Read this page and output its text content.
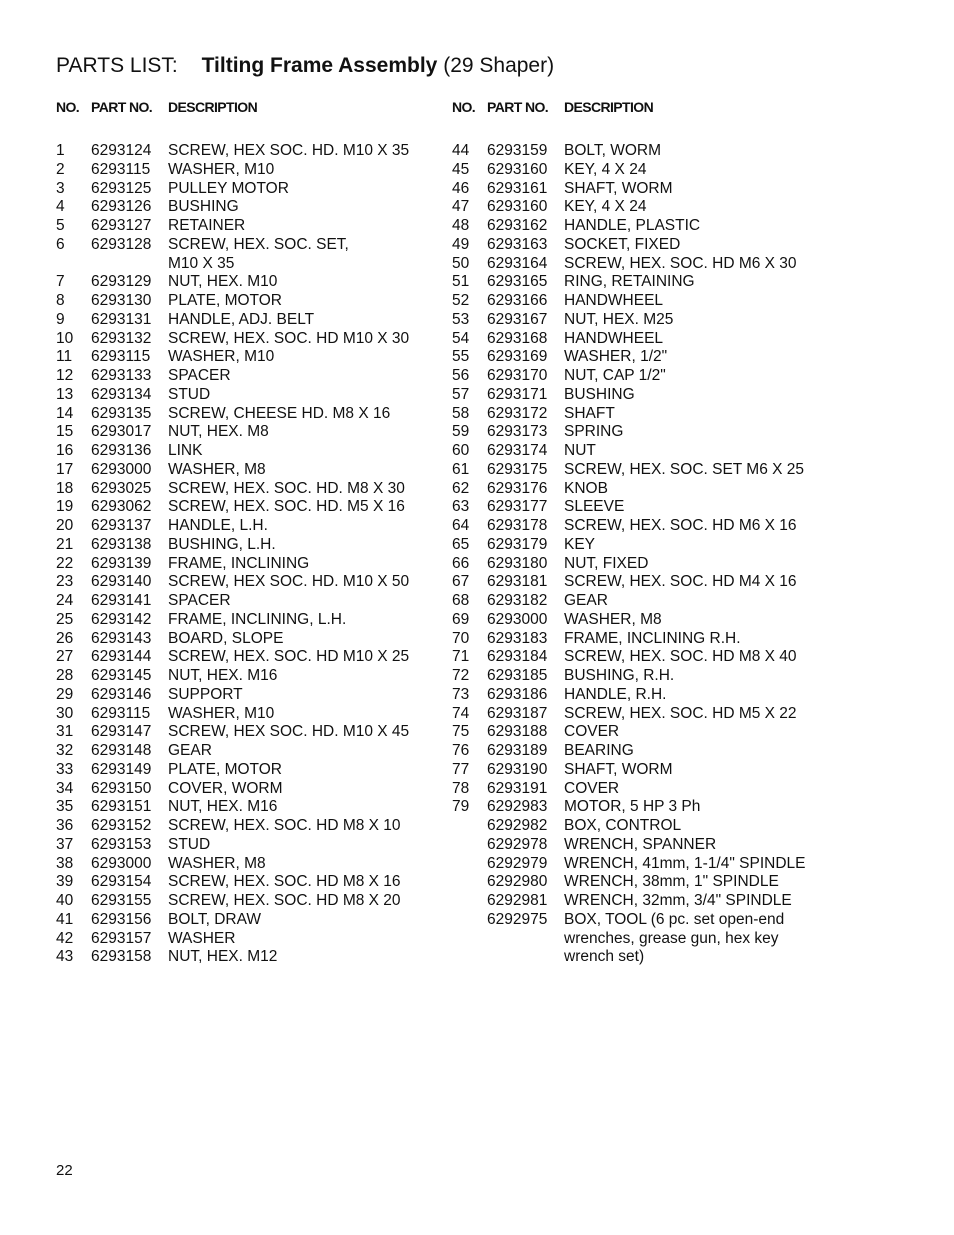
PARTS LIST: Tilting Frame Assembly (29 Shaper)
NO. PART NO.	DESCRIPTION
1	6293124	SCREW, HEX SOC. HD. M10 X 35
2	6293115	WASHER, M10
3	6293125	PULLEY MOTOR
4	6293126	BUSHING
5	6293127	RETAINER
6	6293128	SCREW, HEX. SOC. SET,
M10 X 35
7	6293129	NUT, HEX. M10
8	6293130	PLATE, MOTOR
9	6293131	HANDLE, ADJ. BELT
10	6293132	SCREW, HEX. SOC. HD M10 X 30
11	6293115	WASHER, M10
12	6293133	SPACER
13	6293134	STUD
14	6293135	SCREW, CHEESE HD. M8 X 16
15	6293017	NUT, HEX. M8
16	6293136	LINK
17	6293000	WASHER, M8
18	6293025	SCREW, HEX. SOC. HD. M8 X 30
19	6293062	SCREW, HEX. SOC. HD. M5 X 16
20	6293137	HANDLE, L.H.
21	6293138	BUSHING, L.H.
22	6293139	FRAME, INCLINING
23	6293140	SCREW, HEX SOC. HD. M10 X 50
24	6293141	SPACER
25	6293142	FRAME, INCLINING, L.H.
26	6293143	BOARD, SLOPE
27	6293144	SCREW, HEX. SOC. HD M10 X 25
28	6293145	NUT, HEX. M16
29	6293146	SUPPORT
30	6293115	WASHER, M10
31	6293147	SCREW, HEX SOC. HD. M10 X 45
32	6293148	GEAR
33	6293149	PLATE, MOTOR
34	6293150	COVER, WORM
35	6293151	NUT, HEX. M16
36	6293152	SCREW, HEX. SOC. HD M8 X 10
37	6293153	STUD
38	6293000	WASHER, M8
39	6293154	SCREW, HEX. SOC. HD M8 X 16
40	6293155	SCREW, HEX. SOC. HD M8 X 20
41	6293156	BOLT, DRAW
42	6293157	WASHER
43	6293158	NUT, HEX. M12
NO. PART NO.	DESCRIPTION
44	6293159	BOLT, WORM
45	6293160	KEY, 4 X 24
46	6293161	SHAFT, WORM
47	6293160	KEY, 4 X 24
48	6293162	HANDLE, PLASTIC
49	6293163	SOCKET, FIXED
50	6293164	SCREW, HEX. SOC. HD M6 X 30
51	6293165	RING, RETAINING
52	6293166	HANDWHEEL
53	6293167	NUT, HEX. M25
54	6293168	HANDWHEEL
55	6293169	WASHER, 1/2"
56	6293170	NUT, CAP 1/2"
57	6293171	BUSHING
58	6293172	SHAFT
59	6293173	SPRING
60	6293174	NUT
61	6293175	SCREW, HEX. SOC. SET M6 X 25
62	6293176	KNOB
63	6293177	SLEEVE
64	6293178	SCREW, HEX. SOC. HD M6 X 16
65	6293179	KEY
66	6293180	NUT, FIXED
67	6293181	SCREW, HEX. SOC. HD M4 X 16
68	6293182	GEAR
69	6293000	WASHER, M8
70	6293183	FRAME, INCLINING R.H.
71	6293184	SCREW, HEX. SOC. HD M8 X 40
72	6293185	BUSHING, R.H.
73	6293186	HANDLE, R.H.
74	6293187	SCREW, HEX. SOC. HD M5 X 22
75	6293188	COVER
76	6293189	BEARING
77	6293190	SHAFT, WORM
78	6293191	COVER
79	6292983	MOTOR, 5 HP 3 Ph
6292982	BOX, CONTROL
6292978	WRENCH, SPANNER
6292979	WRENCH, 41mm, 1-1/4" SPINDLE
6292980	WRENCH, 38mm, 1" SPINDLE
6292981	WRENCH, 32mm, 3/4" SPINDLE
6292975	BOX, TOOL (6 pc. set open-end
wrenches, grease gun, hex key
wrench set)
22
